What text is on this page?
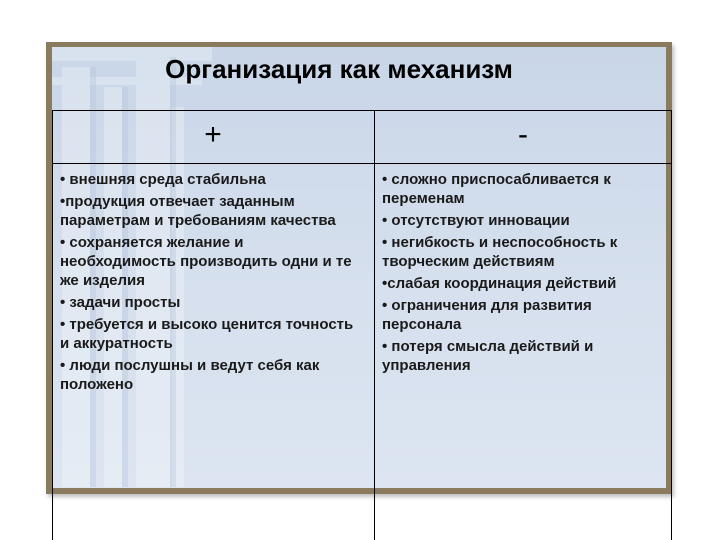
Организация как механизм
+	-
• внешняя среда стабильна
•продукция отвечает заданным параметрам и требованиям качества
• сохраняется желание и необходимость производить одни и те же изделия
• задачи просты
• требуется и высоко ценится точность и аккуратность
• люди послушны и ведут себя как положено
• сложно приспосабливается к переменам
• отсутствуют инновации
• негибкость и неспособность к творческим действиям
•слабая координация действий
• ограничения для развития персонала
• потеря смысла действий и управления
